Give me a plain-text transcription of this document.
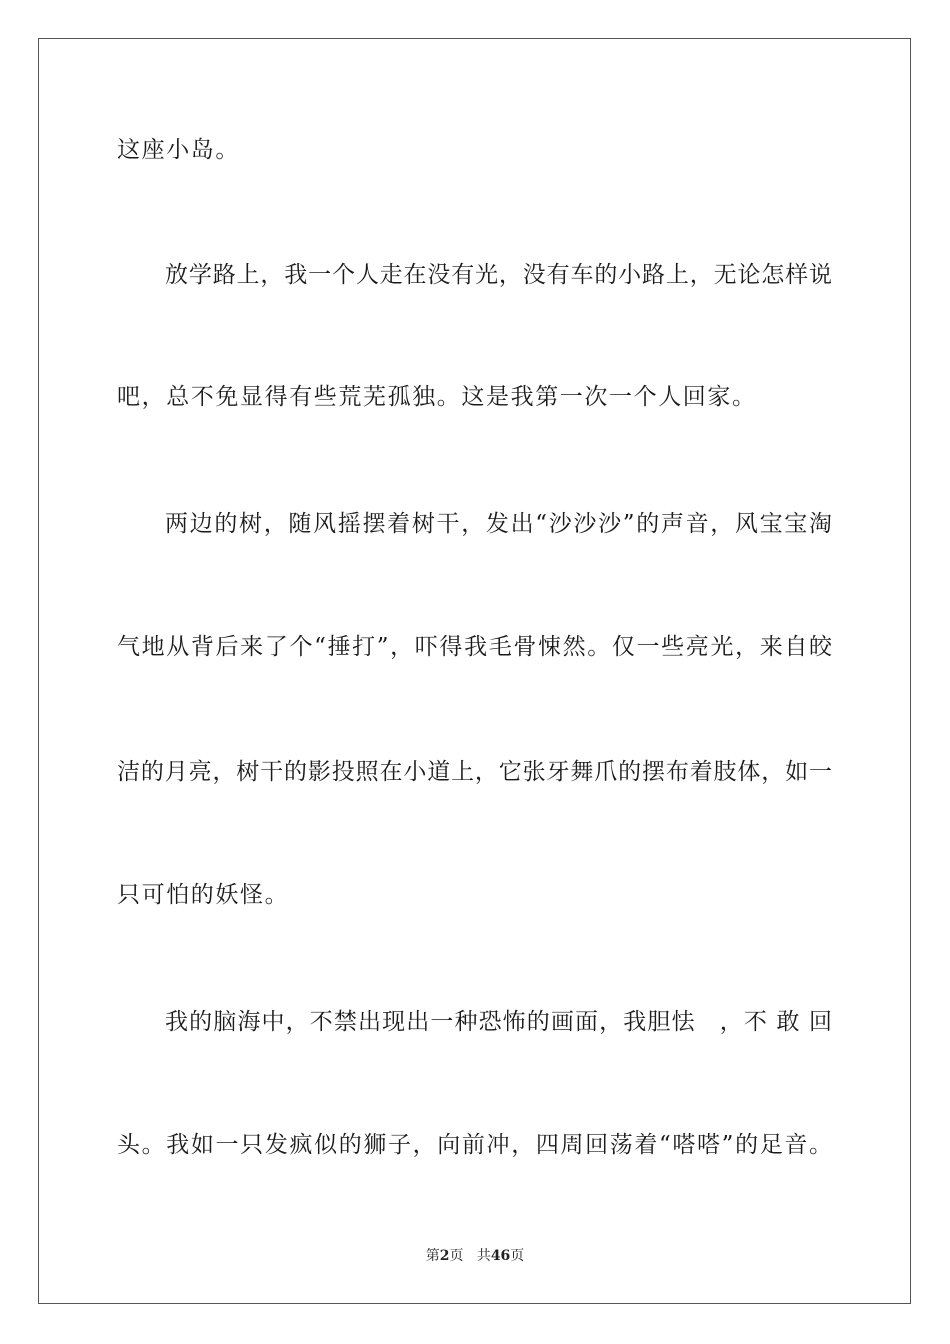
这座小岛。
放学路上，我一个人走在没有光，没有车的小路上，无论怎样说
吧，总不免显得有些荒芜孤独。这是我第一次一个人回家。
两边的树，随风摇摆着树干，发出“沙沙沙”的声音，风宝宝淘
气地从背后来了个“捶打”，吓得我毛骨悚然。仅一些亮光，来自皎
洁的月亮，树干的影投照在小道上，它张牙舞爪的摆布着肢体，如一
只可怕的妖怪。
我的脑海中，不禁出现出一种恐怖的画面，我胆怯　，不 敢 回
头。我如一只发疯似的狮子，向前冲，四周回荡着“嗒嗒”的足音。
第2页 共46页
